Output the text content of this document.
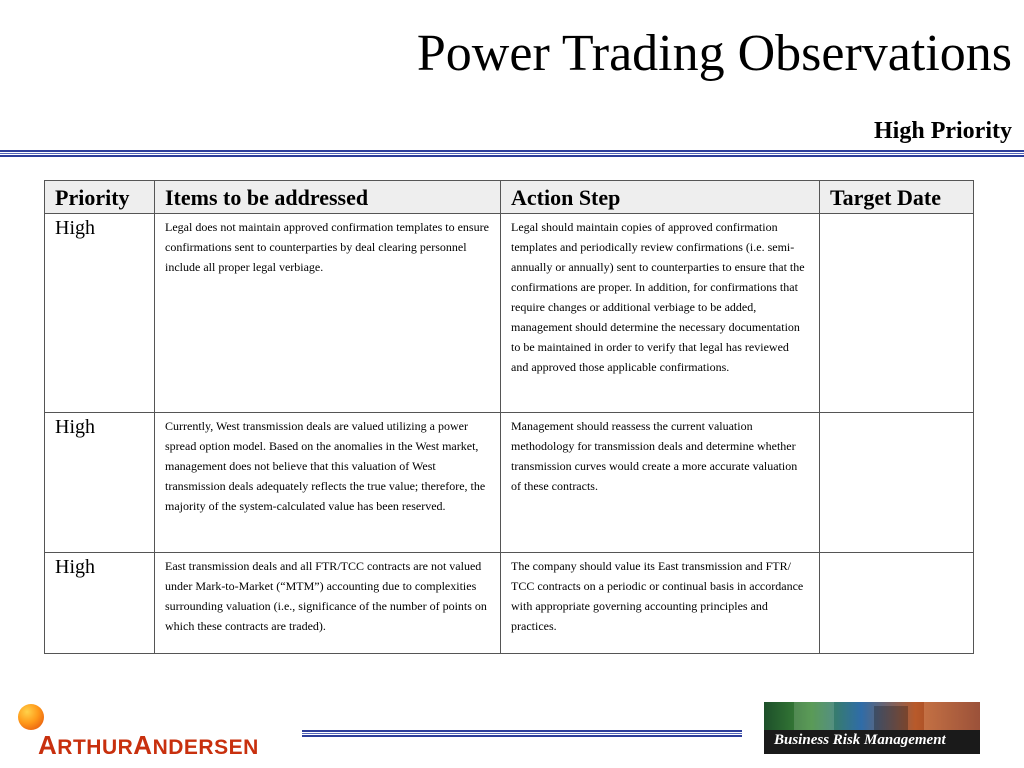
Power Trading Observations
High Priority
Priority	Items to be addressed	Action Step	Target Date
High	Legal does not maintain approved confirmation templates to ensure confirmations sent to counterparties by deal clearing personnel include all proper legal verbiage.	Legal should maintain copies of approved confirmation templates and periodically review confirmations (i.e. semi-annually or annually) sent to counterparties to ensure that the confirmations are proper. In addition, for confirmations that require changes or additional verbiage to be added, management should determine the necessary documentation to be maintained in order to verify that legal has reviewed and approved those applicable confirmations.	
High	Currently, West transmission deals are valued utilizing a power spread option model. Based on the anomalies in the West market, management does not believe that this valuation of West transmission deals adequately reflects the true value; therefore, the majority of the system-calculated value has been reserved.	Management should reassess the current valuation methodology for transmission deals and determine whether transmission curves would create a more accurate valuation of these contracts.	
High	East transmission deals and all FTR/TCC contracts are not valued under Mark-to-Market (“MTM”) accounting due to complexities surrounding valuation (i.e., significance of the number of points on which these contracts are traded).	The company should value its East transmission and FTR/ TCC contracts on a periodic or continual basis in accordance with appropriate governing accounting principles and practices.	
ARTHURANDERSEN	Business Risk Management
